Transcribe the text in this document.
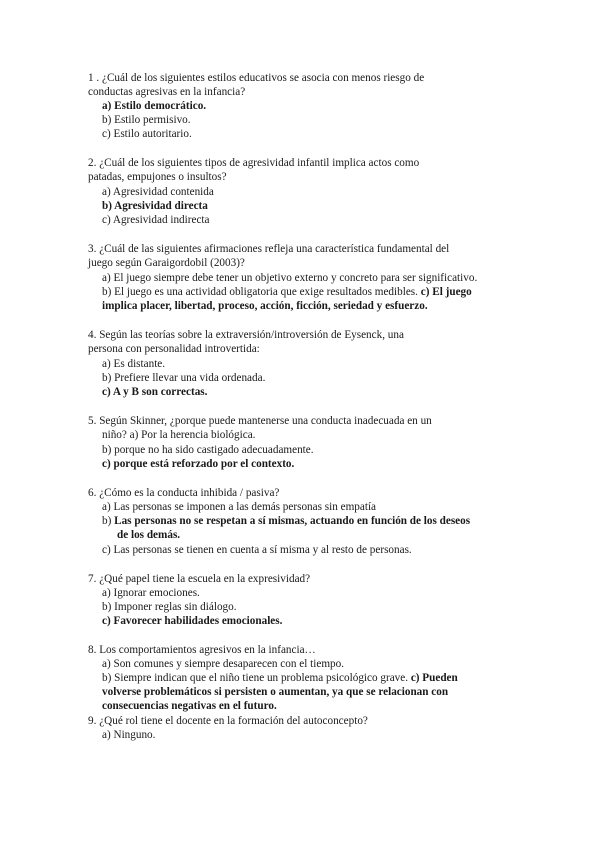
1 . ¿Cuál de los siguientes estilos educativos se asocia con menos riesgo de
conductas agresivas en la infancia?
a) Estilo democrático.
b) Estilo permisivo.
c) Estilo autoritario.
2. ¿Cuál de los siguientes tipos de agresividad infantil implica actos como
patadas, empujones o insultos?
a) Agresividad contenida
b) Agresividad directa
c) Agresividad indirecta
3. ¿Cuál de las siguientes afirmaciones refleja una característica fundamental del
juego según Garaigordobil (2003)?
a) El juego siempre debe tener un objetivo externo y concreto para ser significativo.
b) El juego es una actividad obligatoria que exige resultados medibles. c) El juego
implica placer, libertad, proceso, acción, ficción, seriedad y esfuerzo.
4. Según las teorías sobre la extraversión/introversión de Eysenck, una
persona con personalidad introvertida:
a) Es distante.
b) Prefiere llevar una vida ordenada.
c) A y B son correctas.
5. Según Skinner, ¿porque puede mantenerse una conducta inadecuada en un
niño? a) Por la herencia biológica.
b) porque no ha sido castigado adecuadamente.
c) porque está reforzado por el contexto.
6. ¿Cómo es la conducta inhibida / pasiva?
a) Las personas se imponen a las demás personas sin empatía
b) Las personas no se respetan a sí mismas, actuando en función de los deseos
de los demás.
c) Las personas se tienen en cuenta a sí misma y al resto de personas.
7. ¿Qué papel tiene la escuela en la expresividad?
a) Ignorar emociones.
b) Imponer reglas sin diálogo.
c) Favorecer habilidades emocionales.
8. Los comportamientos agresivos en la infancia…
a) Son comunes y siempre desaparecen con el tiempo.
b) Siempre indican que el niño tiene un problema psicológico grave. c) Pueden
volverse problemáticos si persisten o aumentan, ya que se relacionan con
consecuencias negativas en el futuro.
9. ¿Qué rol tiene el docente en la formación del autoconcepto?
a) Ninguno.
